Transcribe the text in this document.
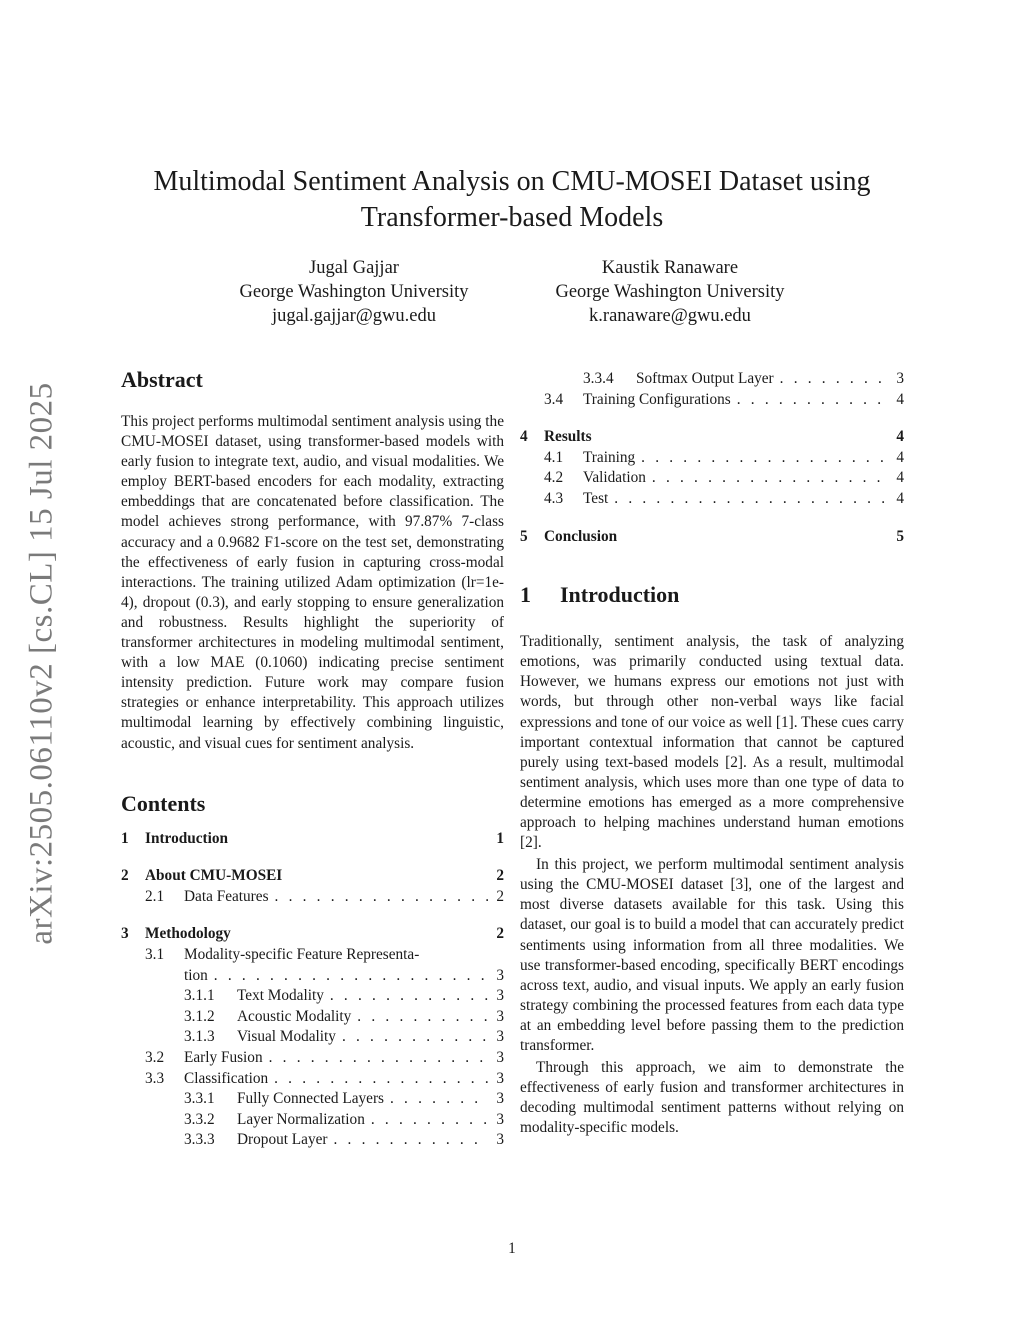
arXiv:2505.06110v2 [cs.CL] 15 Jul 2025
Multimodal Sentiment Analysis on CMU-MOSEI Dataset using Transformer-based Models
Jugal Gajjar
George Washington University
jugal.gajjar@gwu.edu
Kaustik Ranaware
George Washington University
k.ranaware@gwu.edu
Abstract

This project performs multimodal sentiment analysis using the CMU-MOSEI dataset, using transformer-based models with early fusion to integrate text, audio, and visual modalities. We employ BERT-based encoders for each modality, extracting embeddings that are concatenated before classification. The model achieves strong performance, with 97.87% 7-class accuracy and a 0.9682 F1-score on the test set, demonstrating the effectiveness of early fusion in capturing cross-modal interactions. The training utilized Adam optimization (lr=1e-4), dropout (0.3), and early stopping to ensure generalization and robustness. Results highlight the superiority of transformer architectures in modeling multimodal sentiment, with a low MAE (0.1060) indicating precise sentiment intensity prediction. Future work may compare fusion strategies or enhance interpretability. This approach utilizes multimodal learning by effectively combining linguistic, acoustic, and visual cues for sentiment analysis.

Contents
1	Introduction	1
2	About CMU-MOSEI	2
2.1	Data Features . . .	2
3	Methodology	2
3.1	Modality-specific Feature Representa-
tion . . .	3
3.1.1	Text Modality . . .	3
3.1.2	Acoustic Modality . . .	3
3.1.3	Visual Modality . . .	3
3.2	Early Fusion . . .	3
3.3	Classification . . .	3
3.3.1	Fully Connected Layers . . .	3
3.3.2	Layer Normalization . . .	3
3.3.3	Dropout Layer . . .	3
3.3.4	Softmax Output Layer . . .	3
3.4	Training Configurations . . .	4
4	Results	4
4.1	Training . . .	4
4.2	Validation . . .	4
4.3	Test . . .	4
5	Conclusion	5
1 Introduction

Traditionally, sentiment analysis, the task of analyzing emotions, was primarily conducted using textual data. However, we humans express our emotions not just with words, but through other non-verbal ways like facial expressions and tone of our voice as well [1]. These cues carry important contextual information that cannot be captured purely using text-based models [2]. As a result, multimodal sentiment analysis, which uses more than one type of data to determine emotions has emerged as a more comprehensive approach to helping machines understand human emotions [2].

In this project, we perform multimodal sentiment analysis using the CMU-MOSEI dataset [3], one of the largest and most diverse datasets available for this task. Using this dataset, our goal is to build a model that can accurately predict sentiments using information from all three modalities. We use transformer-based encoding, specifically BERT encodings across text, audio, and visual inputs. We apply an early fusion strategy combining the processed features from each data type at an embedding level before passing them to the prediction transformer.

Through this approach, we aim to demonstrate the effectiveness of early fusion and transformer architectures in decoding multimodal sentiment patterns without relying on modality-specific models.

1
